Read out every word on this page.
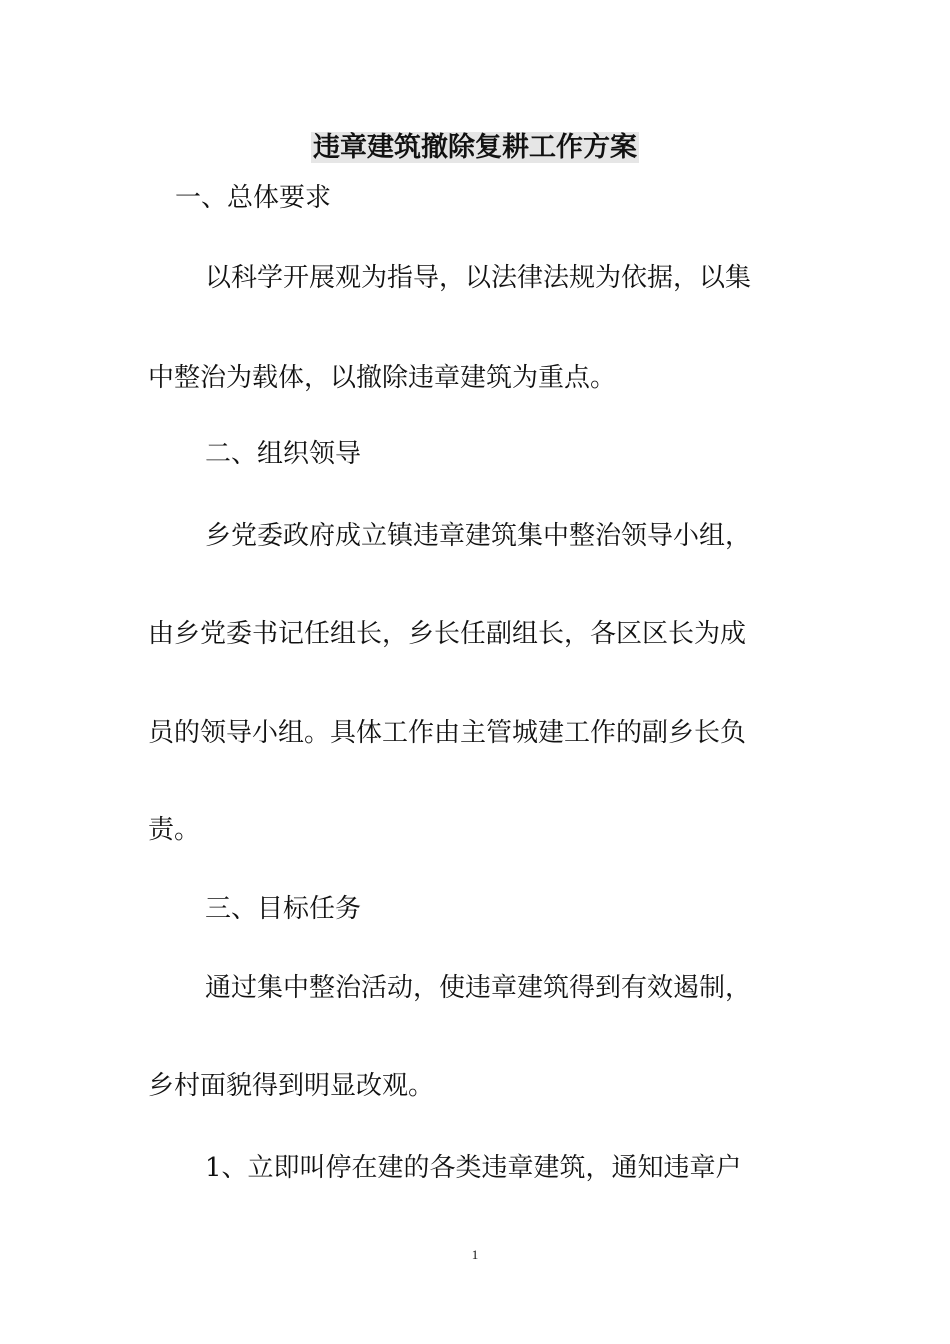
违章建筑撤除复耕工作方案
一、总体要求
以科学开展观为指导，以法律法规为依据，以集
中整治为载体，以撤除违章建筑为重点。
二、组织领导
乡党委政府成立镇违章建筑集中整治领导小组，
由乡党委书记任组长，乡长任副组长，各区区长为成
员的领导小组。具体工作由主管城建工作的副乡长负
责。
三、目标任务
通过集中整治活动，使违章建筑得到有效遏制，
乡村面貌得到明显改观。
1、立即叫停在建的各类违章建筑，通知违章户
1
